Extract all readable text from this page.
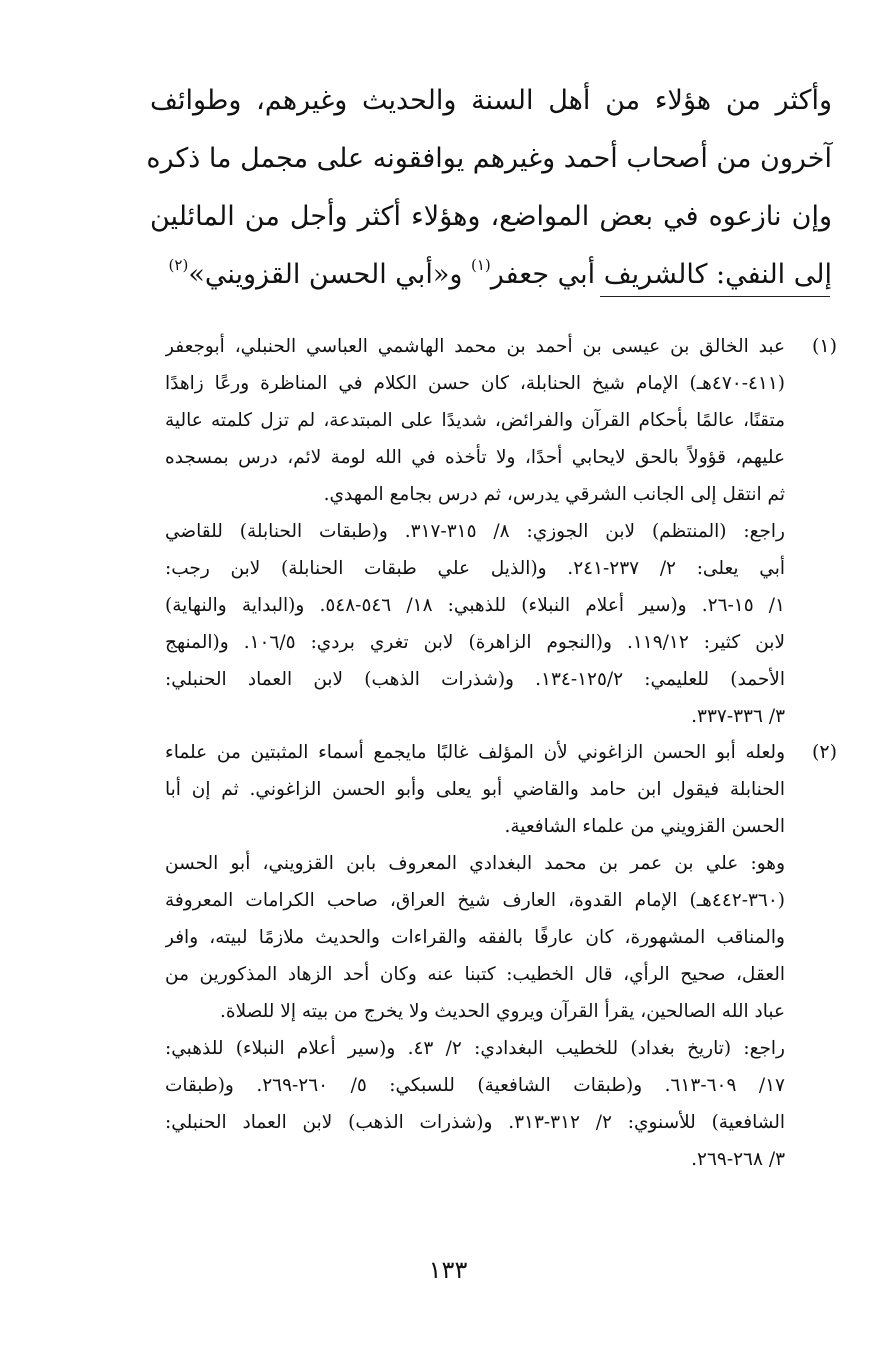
وأكثر من هؤلاء من أهل السنة والحديث وغيرهم، وطوائف
آخرون من أصحاب أحمد وغيرهم يوافقونه على مجمل ما ذكره
وإن نازعوه في بعض المواضع، وهؤلاء أكثر وأجل من المائلين
إلى النفي: كالشريف أبي جعفر$^{(١)}$ و«أبي الحسن القزويني»$^{(٢)}$
(١)
عبد الخالق بن عيسى بن أحمد بن محمد الهاشمي العباسي الحنبلي، أبوجعفر
(٤١١-٤٧٠هـ) الإمام شيخ الحنابلة، كان حسن الكلام في المناظرة ورعًا زاهدًا
متقنًا، عالمًا بأحكام القرآن والفرائض، شديدًا على المبتدعة، لم تزل كلمته عالية
عليهم، قؤولاً بالحق لايحابي أحدًا، ولا تأخذه في الله لومة لائم، درس بمسجده
ثم انتقل إلى الجانب الشرقي يدرس، ثم درس بجامع المهدي.
راجع: (المنتظم) لابن الجوزي: ٨/ ٣١٥-٣١٧. و(طبقات الحنابلة) للقاضي
أبي يعلى: ٢/ ٢٣٧-٢٤١. و(الذيل علي طبقات الحنابلة) لابن رجب:
١/ ١٥-٢٦. و(سير أعلام النبلاء) للذهبي: ١٨/ ٥٤٦-٥٤٨. و(البداية والنهاية)
لابن كثير: ١١٩/١٢. و(النجوم الزاهرة) لابن تغري بردي: ١٠٦/٥. و(المنهج
الأحمد) للعليمي: ١٢٥/٢-١٣٤. و(شذرات الذهب) لابن العماد الحنبلي:
٣/ ٣٣٦-٣٣٧.
(٢)
ولعله أبو الحسن الزاغوني لأن المؤلف غالبًا مايجمع أسماء المثبتين من علماء
الحنابلة فيقول ابن حامد والقاضي أبو يعلى وأبو الحسن الزاغوني. ثم إن أبا
الحسن القزويني من علماء الشافعية.
وهو: علي بن عمر بن محمد البغدادي المعروف بابن القزويني، أبو الحسن
(٣٦٠-٤٤٢هـ) الإمام القدوة، العارف شيخ العراق، صاحب الكرامات المعروفة
والمناقب المشهورة، كان عارفًا بالفقه والقراءات والحديث ملازمًا لبيته، وافر
العقل، صحيح الرأي، قال الخطيب: كتبنا عنه وكان أحد الزهاد المذكورين من
عباد الله الصالحين، يقرأ القرآن ويروي الحديث ولا يخرج من بيته إلا للصلاة.
راجع: (تاريخ بغداد) للخطيب البغدادي: ٢/ ٤٣. و(سير أعلام النبلاء) للذهبي:
١٧/ ٦٠٩-٦١٣. و(طبقات الشافعية) للسبكي: ٥/ ٢٦٠-٢٦٩. و(طبقات
الشافعية) للأسنوي: ٢/ ٣١٢-٣١٣. و(شذرات الذهب) لابن العماد الحنبلي:
٣/ ٢٦٨-٢٦٩.
١٣٣
